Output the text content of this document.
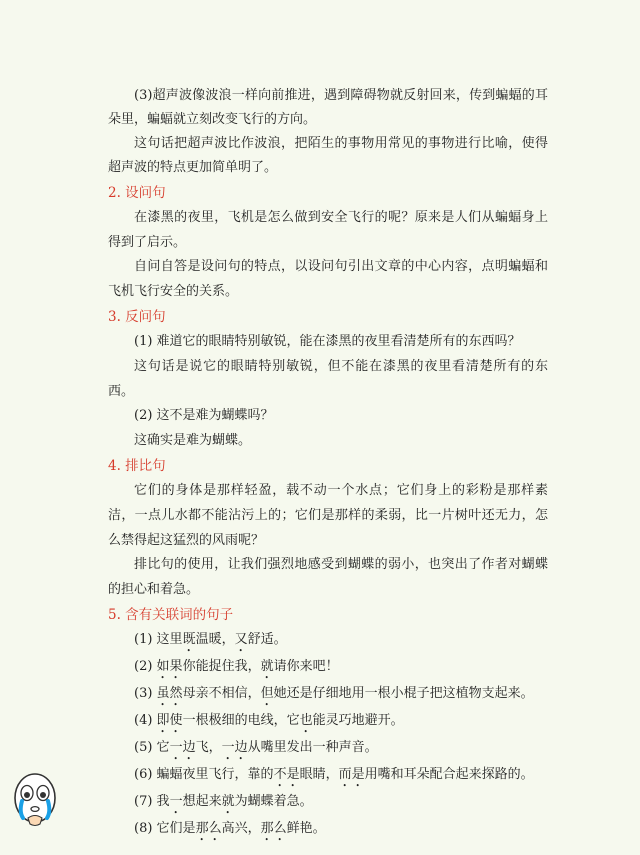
(3)超声波像波浪一样向前推进，遇到障碍物就反射回来，传到蝙蝠的耳朵里，蝙蝠就立刻改变飞行的方向。

这句话把超声波比作波浪，把陌生的事物用常见的事物进行比喻，使得超声波的特点更加简单明了。

2. 设问句

在漆黑的夜里，飞机是怎么做到安全飞行的呢？原来是人们从蝙蝠身上得到了启示。

自问自答是设问句的特点，以设问句引出文章的中心内容，点明蝙蝠和飞机飞行安全的关系。

3. 反问句

(1) 难道它的眼睛特别敏锐，能在漆黑的夜里看清楚所有的东西吗？

这句话是说它的眼睛特别敏锐，但不能在漆黑的夜里看清楚所有的东西。

(2) 这不是难为蝴蝶吗？

这确实是难为蝴蝶。

4. 排比句

它们的身体是那样轻盈，载不动一个水点；它们身上的彩粉是那样素洁，一点儿水都不能沾污上的；它们是那样的柔弱，比一片树叶还无力，怎么禁得起这猛烈的风雨呢？

排比句的使用，让我们强烈地感受到蝴蝶的弱小，也突出了作者对蝴蝶的担心和着急。

5. 含有关联词的句子

(1) 这里既温暖，又舒适。

(2) 如果你能捉住我，就请你来吧！

(3) 虽然母亲不相信，但她还是仔细地用一根小棍子把这植物支起来。

(4) 即使一根极细的电线，它也能灵巧地避开。

(5) 它一边飞，一边从嘴里发出一种声音。

(6) 蝙蝠夜里飞行，靠的不是眼睛，而是用嘴和耳朵配合起来探路的。

(7) 我一想起来就为蝴蝶着急。

(8) 它们是那么高兴，那么鲜艳。
